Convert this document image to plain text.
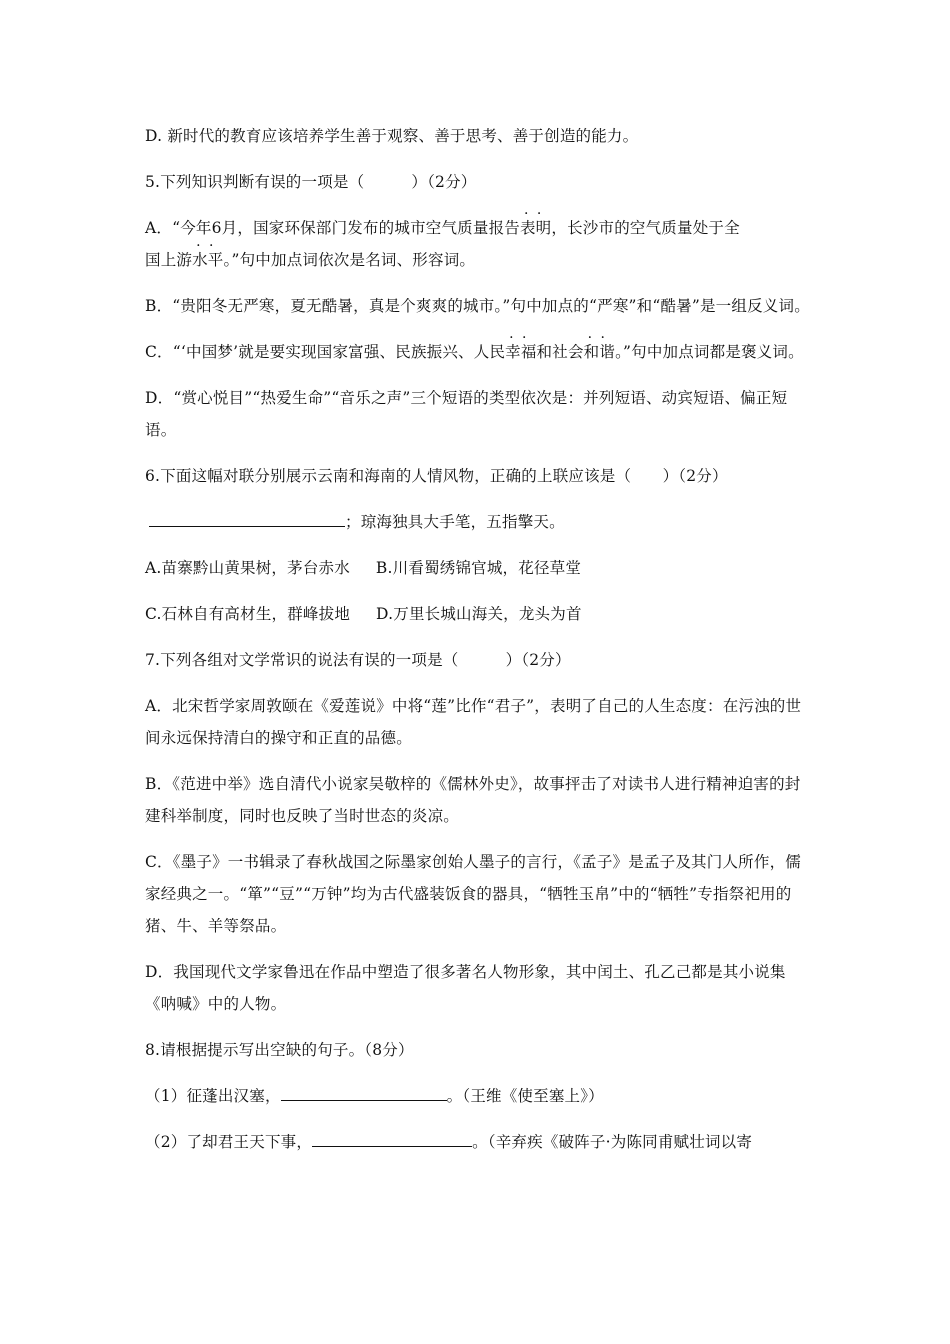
D. 新时代的教育应该培养学生善于观察、善于思考、善于创造的能力。
5.下列知识判断有误的一项是（　　　）（2分）
A．“今年6月，国家环保部门发布的城市空气质量报告· · 表明，长沙市的空气质量处于全
国上游· · 水平。”句中加点词依次是名词、形容词。
B．“贵阳冬无严寒，夏无酷暑，真是个爽爽的城市。”句中加点的“严寒”和“酷暑”是一组反义词。
C．“‘中国梦’就是要实现国家富强、民族振兴、人民· · 幸福和社会· · 和谐。”句中加点词都是褒义词。
D．“赏心悦目”“热爱生命”“音乐之声”三个短语的类型依次是：并列短语、动宾短语、偏正短语。
6.下面这幅对联分别展示云南和海南的人情风物，正确的上联应该是（　　）（2分）
；琼海独具大手笔，五指擎天。
A.苗寨黔山黄果树，茅台赤水 B.川看蜀绣锦官城，花径草堂
C.石林自有高材生，群峰拔地 D.万里长城山海关，龙头为首
7.下列各组对文学常识的说法有误的一项是（　　　）（2分）
A．北宋哲学家周敦颐在《爱莲说》中将“莲”比作“君子”，表明了自己的人生态度：在污浊的世间永远保持清白的操守和正直的品德。
B．《范进中举》选自清代小说家吴敬梓的《儒林外史》，故事抨击了对读书人进行精神迫害的封建科举制度，同时也反映了当时世态的炎凉。
C．《墨子》一书辑录了春秋战国之际墨家创始人墨子的言行，《孟子》是孟子及其门人所作，儒家经典之一。“箪”“豆”“万钟”均为古代盛装饭食的器具，“牺牲玉帛”中的“牺牲”专指祭祀用的猪、牛、羊等祭品。
D．我国现代文学家鲁迅在作品中塑造了很多著名人物形象，其中闰土、孔乙己都是其小说集《呐喊》中的人物。
8.请根据提示写出空缺的句子。（8分）
（1）征蓬出汉塞，	。（王维《使至塞上》）
（2）了却君王天下事，	。（辛弃疾《破阵子·为陈同甫赋壮词以寄
